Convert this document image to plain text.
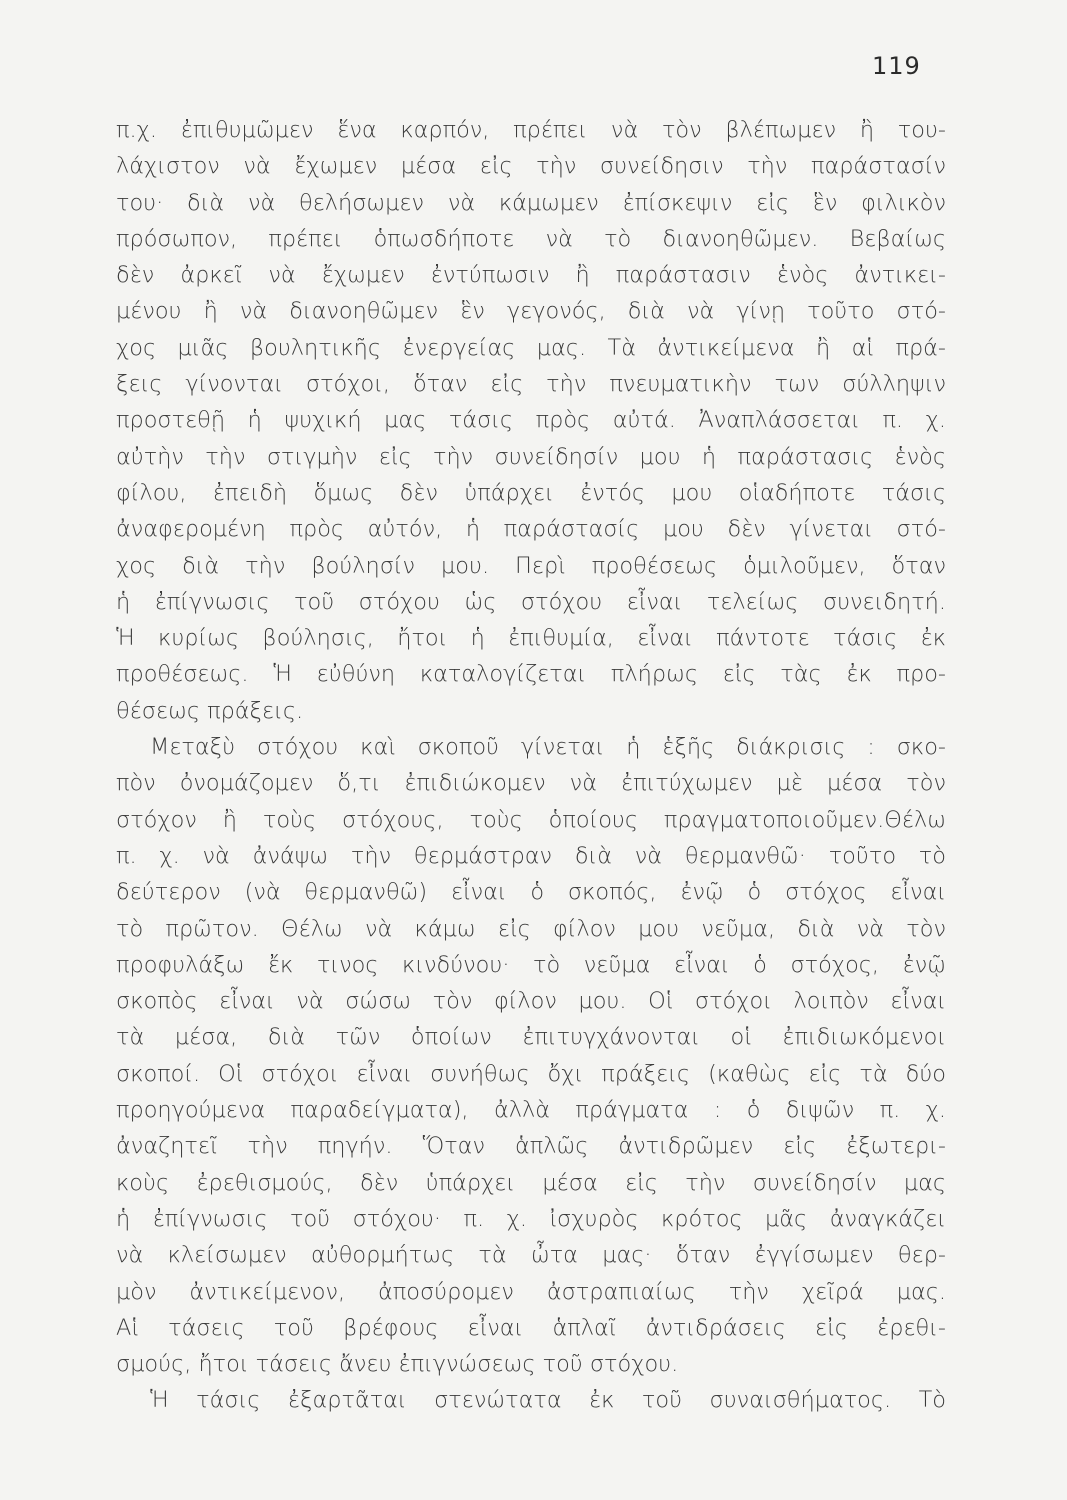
119
π.χ. ἐπιθυμῶμεν ἕνα καρπόν, πρέπει νὰ τὸν βλέπωμεν ἢ του-
λάχιστον νὰ ἔχωμεν μέσα εἰς τὴν συνείδησιν τὴν παράστασίν
του· διὰ νὰ θελήσωμεν νὰ κάμωμεν ἐπίσκεψιν εἰς ἓν φιλικὸν
πρόσωπον, πρέπει ὁπωσδήποτε νὰ τὸ διανοηθῶμεν. Βεβαίως
δὲν ἀρκεῖ νὰ ἔχωμεν ἐντύπωσιν ἢ παράστασιν ἑνὸς ἀντικει-
μένου ἢ νὰ διανοηθῶμεν ἓν γεγονός, διὰ νὰ γίνῃ τοῦτο στό-
χος μιᾶς βουλητικῆς ἐνεργείας μας. Τὰ ἀντικείμενα ἢ αἱ πρά-
ξεις γίνονται στόχοι, ὅταν εἰς τὴν πνευματικὴν των σύλληψιν
προστεθῇ ἡ ψυχική μας τάσις πρὸς αὐτά. Ἀναπλάσσεται π. χ.
αὐτὴν τὴν στιγμὴν εἰς τὴν συνείδησίν μου ἡ παράστασις ἑνὸς
φίλου, ἐπειδὴ ὅμως δὲν ὑπάρχει ἐντός μου οἱαδήποτε τάσις
ἀναφερομένη πρὸς αὐτόν, ἡ παράστασίς μου δὲν γίνεται στό-
χος διὰ τὴν βούλησίν μου. Περὶ προθέσεως ὁμιλοῦμεν, ὅταν
ἡ ἐπίγνωσις τοῦ στόχου ὡς στόχου εἶναι τελείως συνειδητή.
Ἡ κυρίως βούλησις, ἤτοι ἡ ἐπιθυμία, εἶναι πάντοτε τάσις ἐκ
προθέσεως. Ἡ εὐθύνη καταλογίζεται πλήρως εἰς τὰς ἐκ προ-
θέσεως πράξεις.
Μεταξὺ στόχου καὶ σκοποῦ γίνεται ἡ ἑξῆς διάκρισις : σκο-
πὸν ὀνομάζομεν ὅ,τι ἐπιδιώκομεν νὰ ἐπιτύχωμεν μὲ μέσα τὸν
στόχον ἢ τοὺς στόχους, τοὺς ὁποίους πραγματοποιοῦμεν.Θέλω
π. χ. νὰ ἀνάψω τὴν θερμάστραν διὰ νὰ θερμανθῶ· τοῦτο τὸ
δεύτερον (νὰ θερμανθῶ) εἶναι ὁ σκοπός, ἐνῷ ὁ στόχος εἶναι
τὸ πρῶτον. Θέλω νὰ κάμω εἰς φίλον μου νεῦμα, διὰ νὰ τὸν
προφυλάξω ἔκ τινος κινδύνου· τὸ νεῦμα εἶναι ὁ στόχος, ἐνῷ
σκοπὸς εἶναι νὰ σώσω τὸν φίλον μου. Οἱ στόχοι λοιπὸν εἶναι
τὰ μέσα, διὰ τῶν ὁποίων ἐπιτυγχάνονται οἱ ἐπιδιωκόμενοι
σκοποί. Οἱ στόχοι εἶναι συνήθως ὄχι πράξεις (καθὼς εἰς τὰ δύο
προηγούμενα παραδείγματα), ἀλλὰ πράγματα : ὁ διψῶν π. χ.
ἀναζητεῖ τὴν πηγήν. Ὅταν ἁπλῶς ἀντιδρῶμεν εἰς ἐξωτερι-
κοὺς ἐρεθισμούς, δὲν ὑπάρχει μέσα εἰς τὴν συνείδησίν μας
ἡ ἐπίγνωσις τοῦ στόχου· π. χ. ἰσχυρὸς κρότος μᾶς ἀναγκάζει
νὰ κλείσωμεν αὐθορμήτως τὰ ὦτα μας· ὅταν ἐγγίσωμεν θερ-
μὸν ἀντικείμενον, ἀποσύρομεν ἀστραπιαίως τὴν χεῖρά μας.
Αἱ τάσεις τοῦ βρέφους εἶναι ἁπλαῖ ἀντιδράσεις εἰς ἐρεθι-
σμούς, ἤτοι τάσεις ἄνευ ἐπιγνώσεως τοῦ στόχου.
Ἡ τάσις ἐξαρτᾶται στενώτατα ἐκ τοῦ συναισθήματος. Τὸ
